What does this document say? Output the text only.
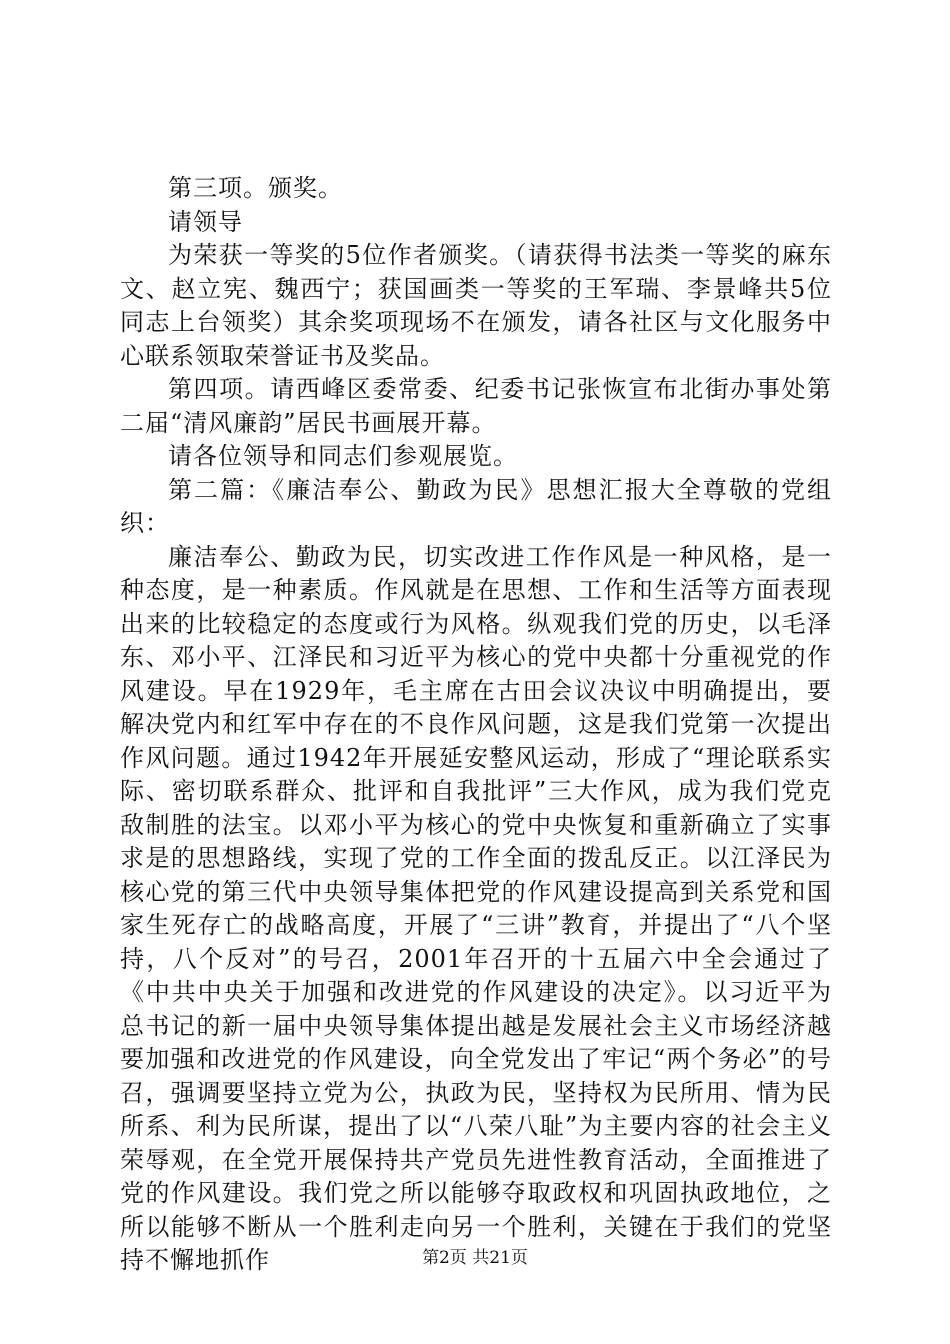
第三项。颁奖。

请领导

为荣获一等奖的5位作者颁奖。（请获得书法类一等奖的麻东文、赵立宪、魏西宁；获国画类一等奖的王军瑞、李景峰共5位同志上台领奖）其余奖项现场不在颁发，请各社区与文化服务中心联系领取荣誉证书及奖品。

第四项。请西峰区委常委、纪委书记张恢宣布北街办事处第二届“清风廉韵”居民书画展开幕。

请各位领导和同志们参观展览。

第二篇：《廉洁奉公、勤政为民》思想汇报大全尊敬的党组织：

廉洁奉公、勤政为民，切实改进工作作风是一种风格，是一种态度，是一种素质。作风就是在思想、工作和生活等方面表现出来的比较稳定的态度或行为风格。纵观我们党的历史，以毛泽东、邓小平、江泽民和习近平为核心的党中央都十分重视党的作风建设。早在1929年，毛主席在古田会议决议中明确提出，要解决党内和红军中存在的不良作风问题，这是我们党第一次提出作风问题。通过1942年开展延安整风运动，形成了“理论联系实际、密切联系群众、批评和自我批评”三大作风，成为我们党克敌制胜的法宝。以邓小平为核心的党中央恢复和重新确立了实事求是的思想路线，实现了党的工作全面的拨乱反正。以江泽民为核心党的第三代中央领导集体把党的作风建设提高到关系党和国家生死存亡的战略高度，开展了“三讲”教育，并提出了“八个坚持，八个反对”的号召，2001年召开的十五届六中全会通过了《中共中央关于加强和改进党的作风建设的决定》。以习近平为总书记的新一届中央领导集体提出越是发展社会主义市场经济越要加强和改进党的作风建设，向全党发出了牢记“两个务必”的号召，强调要坚持立党为公，执政为民，坚持权为民所用、情为民所系、利为民所谋，提出了以“八荣八耻”为主要内容的社会主义荣辱观，在全党开展保持共产党员先进性教育活动，全面推进了党的作风建设。我们党之所以能够夺取政权和巩固执政地位，之所以能够不断从一个胜利走向另一个胜利，关键在于我们的党坚持不懈地抓作	第2页 共21页
